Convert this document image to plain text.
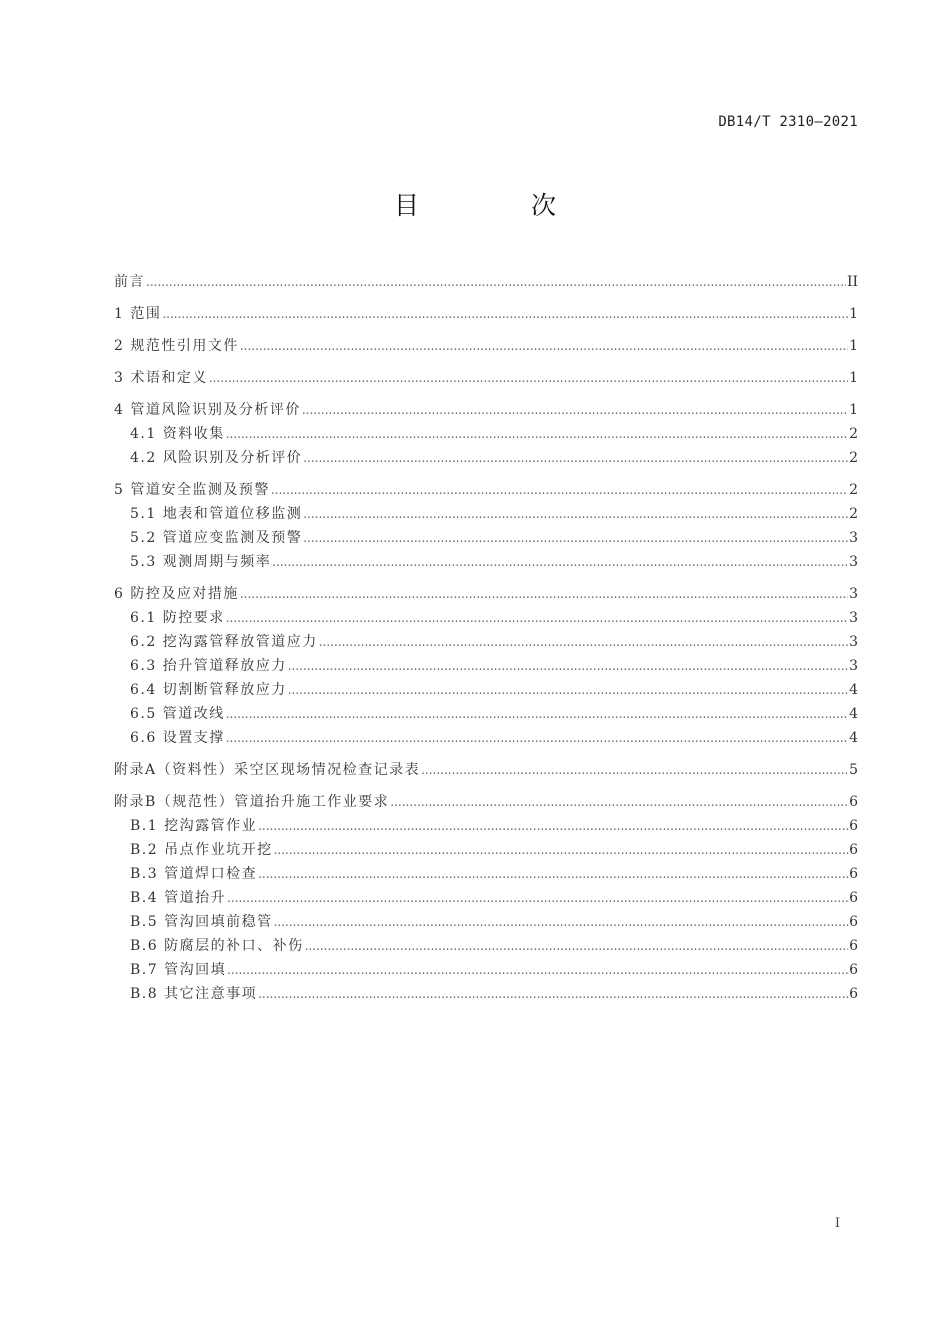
DB14/T 2310—2021
目 次
前言 .....	II
1 范围 .....	1
2 规范性引用文件 .....	1
3 术语和定义 .....	1
4 管道风险识别及分析评价 .....	1
4.1 资料收集 .....	2
4.2 风险识别及分析评价 .....	2
5 管道安全监测及预警 .....	2
5.1 地表和管道位移监测 .....	2
5.2 管道应变监测及预警 .....	3
5.3 观测周期与频率 .....	3
6 防控及应对措施 .....	3
6.1 防控要求 .....	3
6.2 挖沟露管释放管道应力 .....	3
6.3 抬升管道释放应力 .....	3
6.4 切割断管释放应力 .....	4
6.5 管道改线 .....	4
6.6 设置支撑 .....	4
附录A（资料性）采空区现场情况检查记录表 .....	5
附录B（规范性）管道抬升施工作业要求 .....	6
B.1 挖沟露管作业 .....	6
B.2 吊点作业坑开挖 .....	6
B.3 管道焊口检查 .....	6
B.4 管道抬升 .....	6
B.5 管沟回填前稳管 .....	6
B.6 防腐层的补口、补伤 .....	6
B.7 管沟回填 .....	6
B.8 其它注意事项 .....	6
I
